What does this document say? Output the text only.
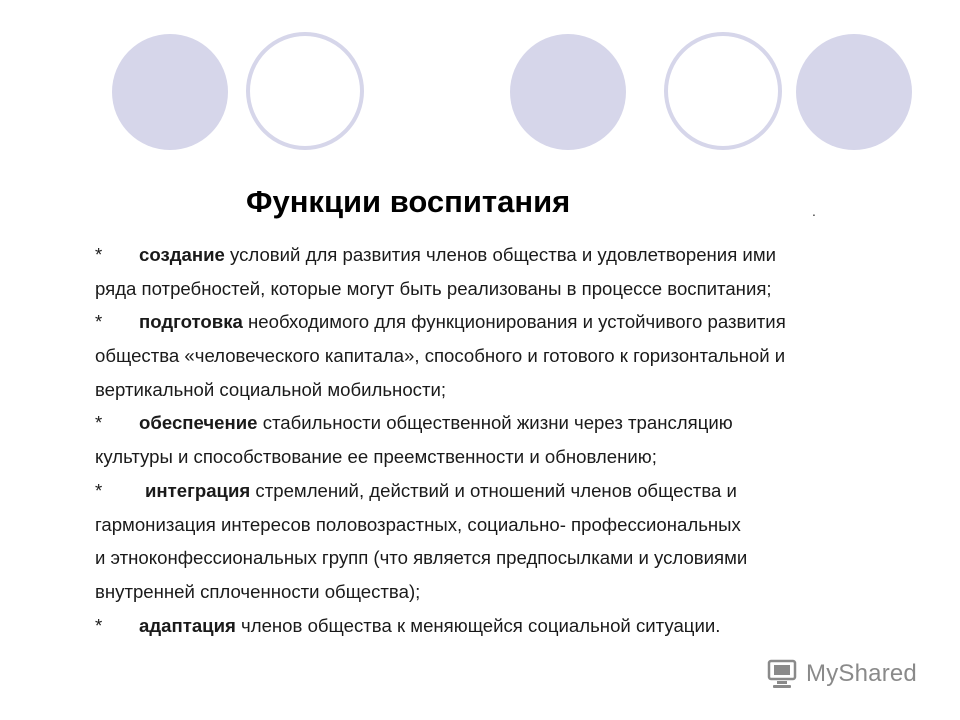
Функции воспитания	.
* создание условий для развития членов общества и удовлетворения ими
ряда потребностей, которые могут быть реализованы в процессе воспитания;
* подготовка необходимого для функционирования и устойчивого развития
общества «человеческого капитала», способного и готового к горизонтальной и
вертикальной социальной мобильности;
* обеспечение стабильности общественной жизни через трансляцию
культуры и способствование ее преемственности и обновлению;
* интеграция стремлений, действий и отношений членов общества и
гармонизация интересов половозрастных, социально- профессиональных
и этноконфессиональных групп (что является предпосылками и условиями
внутренней сплоченности общества);
* адаптация членов общества к меняющейся социальной ситуации.
MyShared
